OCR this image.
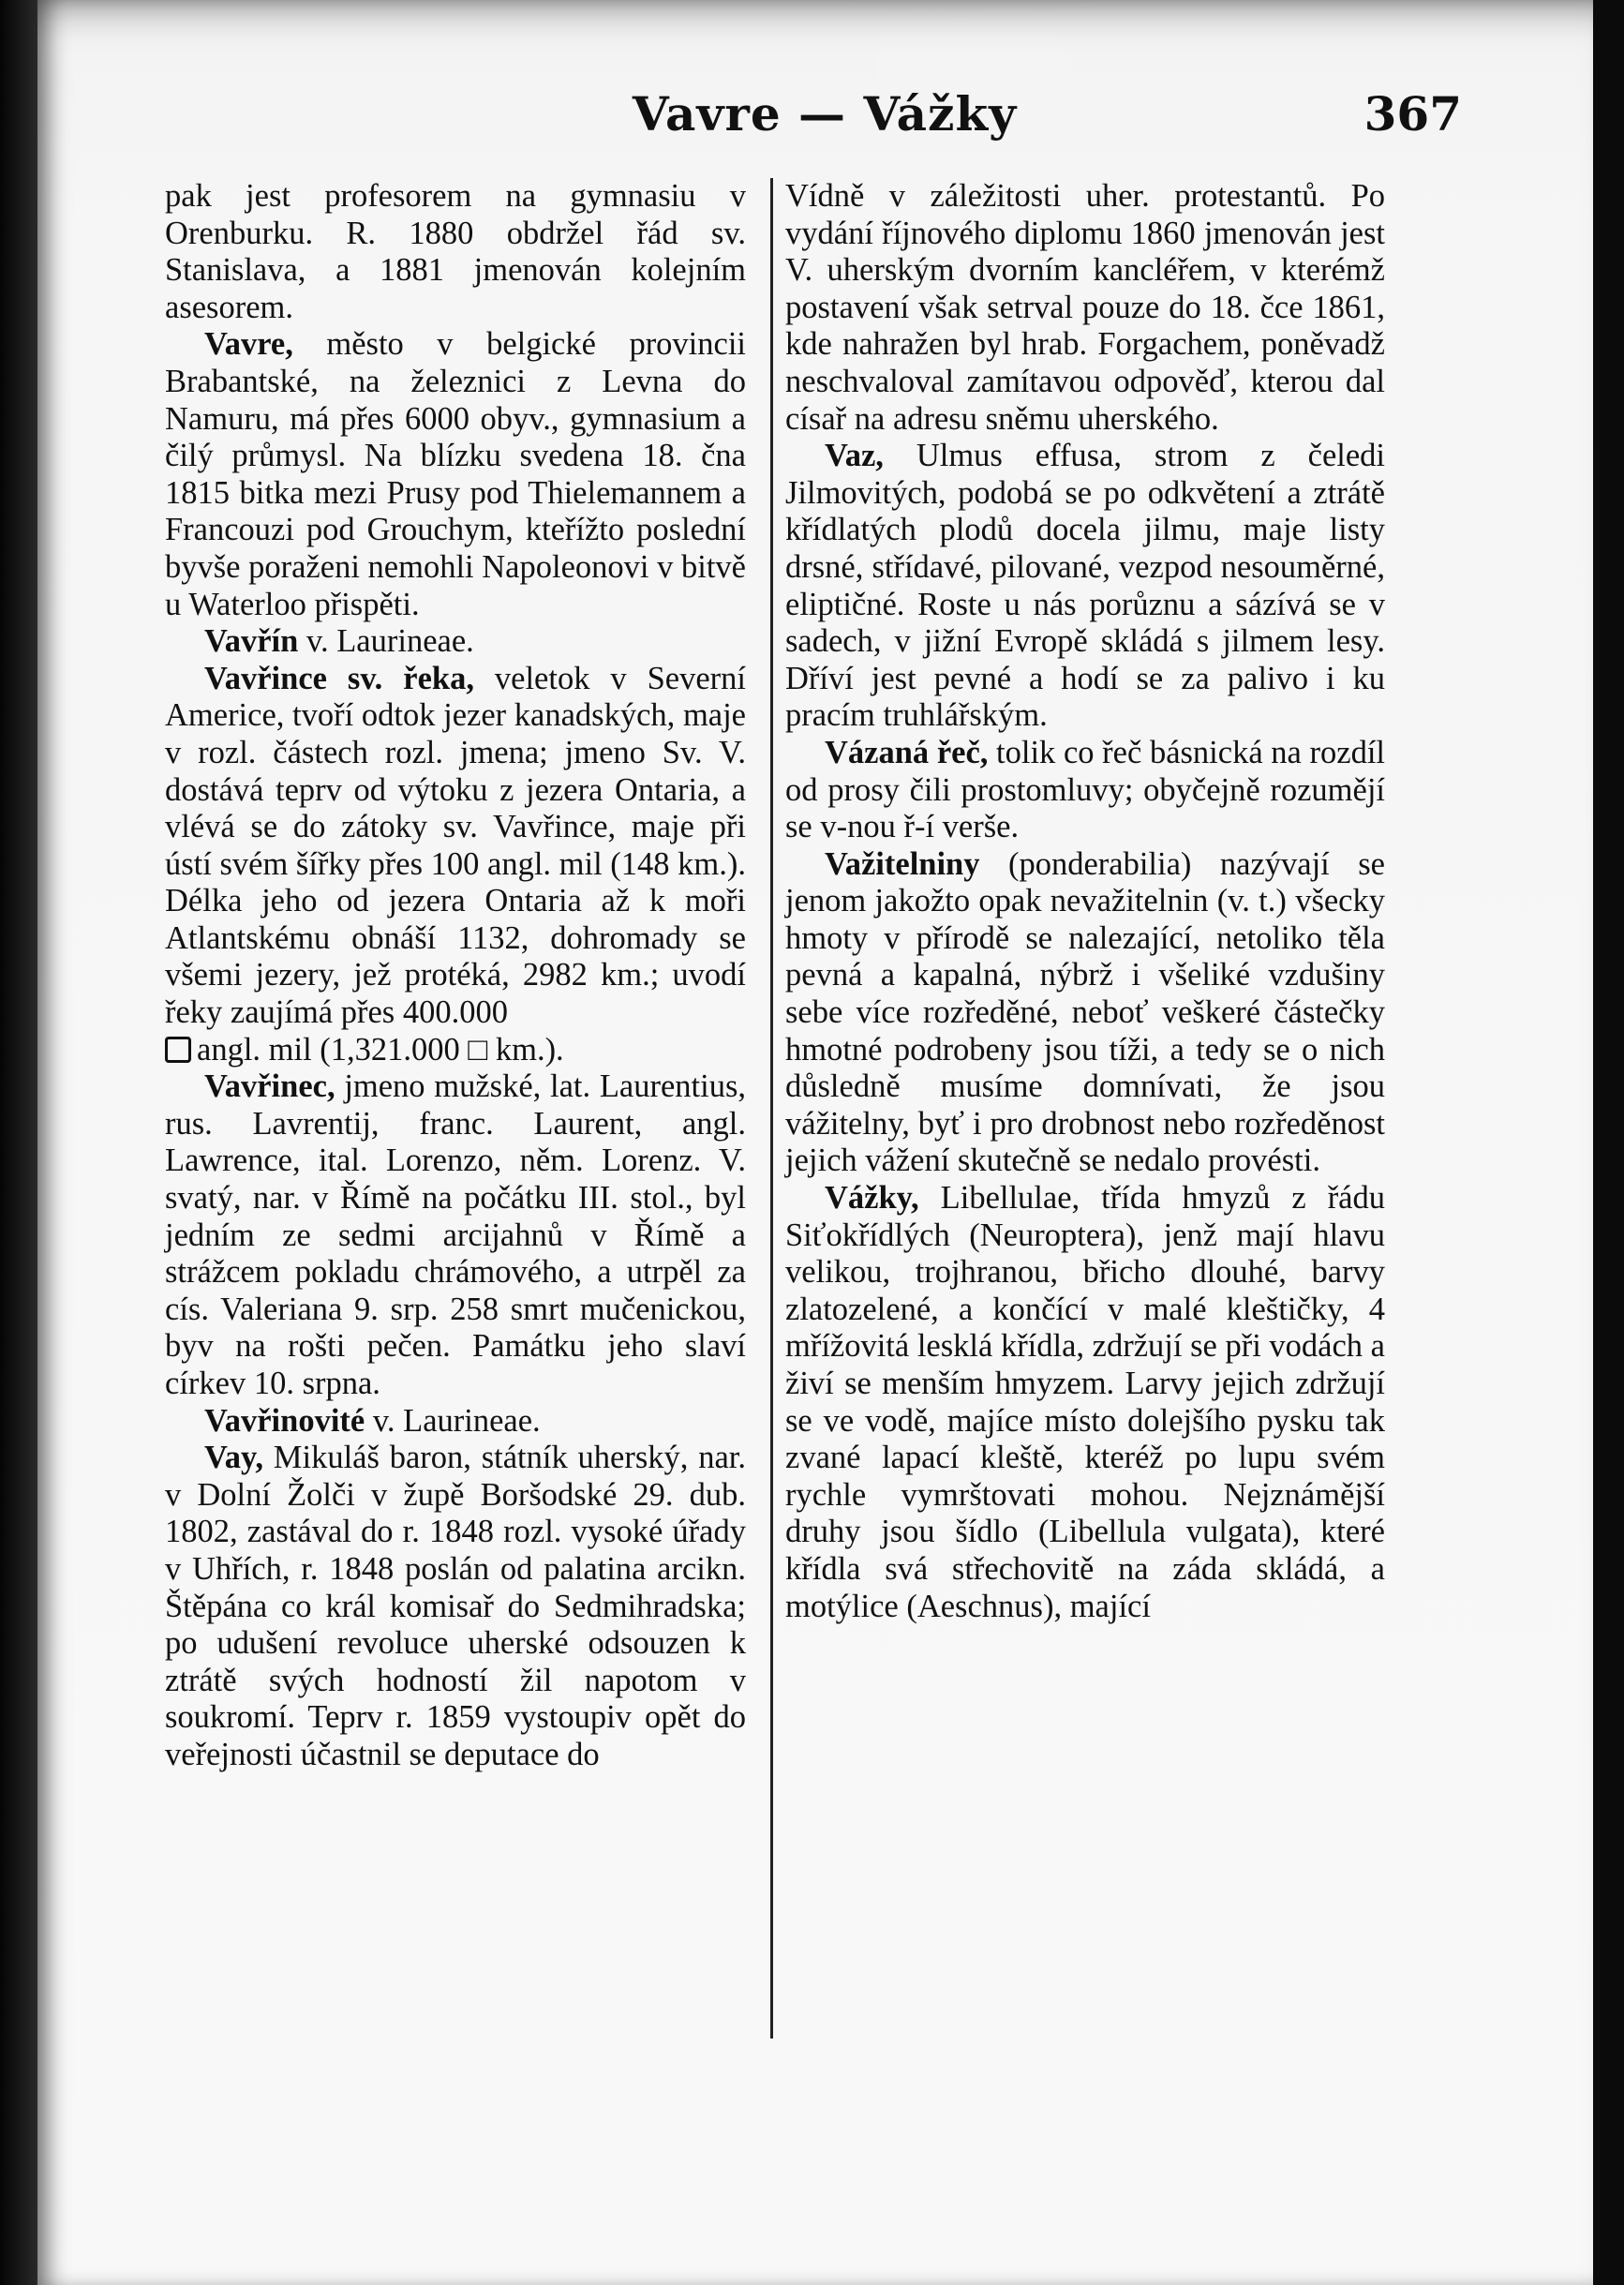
Vavre — Vážky	367

pak jest profesorem na gymnasiu v Orenburku. R. 1880 obdržel řád sv. Stanislava, a 1881 jmenován kolejním asesorem.

Vavre, město v belgické provincii Brabantské, na železnici z Levna do Namuru, má přes 6000 obyv., gymnasium a čilý průmysl. Na blízku svedena 18. čna 1815 bitka mezi Prusy pod Thielemannem a Francouzi pod Grouchym, kteřížto poslední byvše poraženi nemohli Napoleonovi v bitvě u Waterloo přispěti.

Vavřín v. Laurineae.

Vavřince sv. řeka, veletok v Severní Americe, tvoří odtok jezer kanadských, maje v rozl. částech rozl. jmena; jmeno Sv. V. dostává teprv od výtoku z jezera Ontaria, a vlévá se do zátoky sv. Vavřince, maje při ústí svém šířky přes 100 angl. mil (148 km.). Délka jeho od jezera Ontaria až k moři Atlantskému obnáší 1132, dohromady se všemi jezery, jež protéká, 2982 km.; uvodí řeky zaujímá přes 400.000

angl. mil (1,321.000 □ km.).

Vavřinec, jmeno mužské, lat. Laurentius, rus. Lavrentij, franc. Laurent, angl. Lawrence, ital. Lorenzo, něm. Lorenz. V. svatý, nar. v Římě na počátku III. stol., byl jedním ze sedmi arcijahnů v Římě a strážcem pokladu chrámového, a utrpěl za cís. Valeriana 9. srp. 258 smrt mučenickou, byv na rošti pečen. Památku jeho slaví církev 10. srpna.

Vavřinovité v. Laurineae.

Vay, Mikuláš baron, státník uherský, nar. v Dolní Žolči v župě Boršodské 29. dub. 1802, zastával do r. 1848 rozl. vysoké úřady v Uhřích, r. 1848 poslán od palatina arcikn. Štěpána co král komisař do Sedmihradska; po udušení revoluce uherské odsouzen k ztrátě svých hodností žil napotom v soukromí. Teprv r. 1859 vystoupiv opět do veřejnosti účastnil se deputace do

Vídně v záležitosti uher. protestantů. Po vydání říjnového diplomu 1860 jmenován jest V. uherským dvorním kancléřem, v kterémž postavení však setrval pouze do 18. čce 1861, kde nahražen byl hrab. Forgachem, poněvadž neschvaloval zamítavou odpověď, kterou dal císař na adresu sněmu uherského.

Vaz, Ulmus effusa, strom z čeledi Jilmovitých, podobá se po odkvětení a ztrátě křídlatých plodů docela jilmu, maje listy drsné, střídavé, pilované, vezpod nesouměrné, eliptičné. Roste u nás porůznu a sázívá se v sadech, v jižní Evropě skládá s jilmem lesy. Dříví jest pevné a hodí se za palivo i ku pracím truhlářským.

Vázaná řeč, tolik co řeč básnická na rozdíl od prosy čili prostomluvy; obyčejně rozumějí se v-nou ř-í verše.

Važitelniny (ponderabilia) nazývají se jenom jakožto opak nevažitelnin (v. t.) všecky hmoty v přírodě se nalezající, netoliko těla pevná a kapalná, nýbrž i všeliké vzdušiny sebe více rozředěné, neboť veškeré částečky hmotné podrobeny jsou tíži, a tedy se o nich důsledně musíme domnívati, že jsou vážitelny, byť i pro drobnost nebo rozředěnost jejich vážení skutečně se nedalo provésti.

Vážky, Libellulae, třída hmyzů z řádu Siťokřídlých (Neuroptera), jenž mají hlavu velikou, trojhranou, břicho dlouhé, barvy zlatozelené, a končící v malé kleštičky, 4 mřížovitá lesklá křídla, zdržují se při vodách a živí se menším hmyzem. Larvy jejich zdržují se ve vodě, majíce místo dolejšího pysku tak zvané lapací kleště, kteréž po lupu svém rychle vymrštovati mohou. Nejznámější druhy jsou šídlo (Libellula vulgata), které křídla svá střechovitě na záda skládá, a motýlice (Aeschnus), mající
